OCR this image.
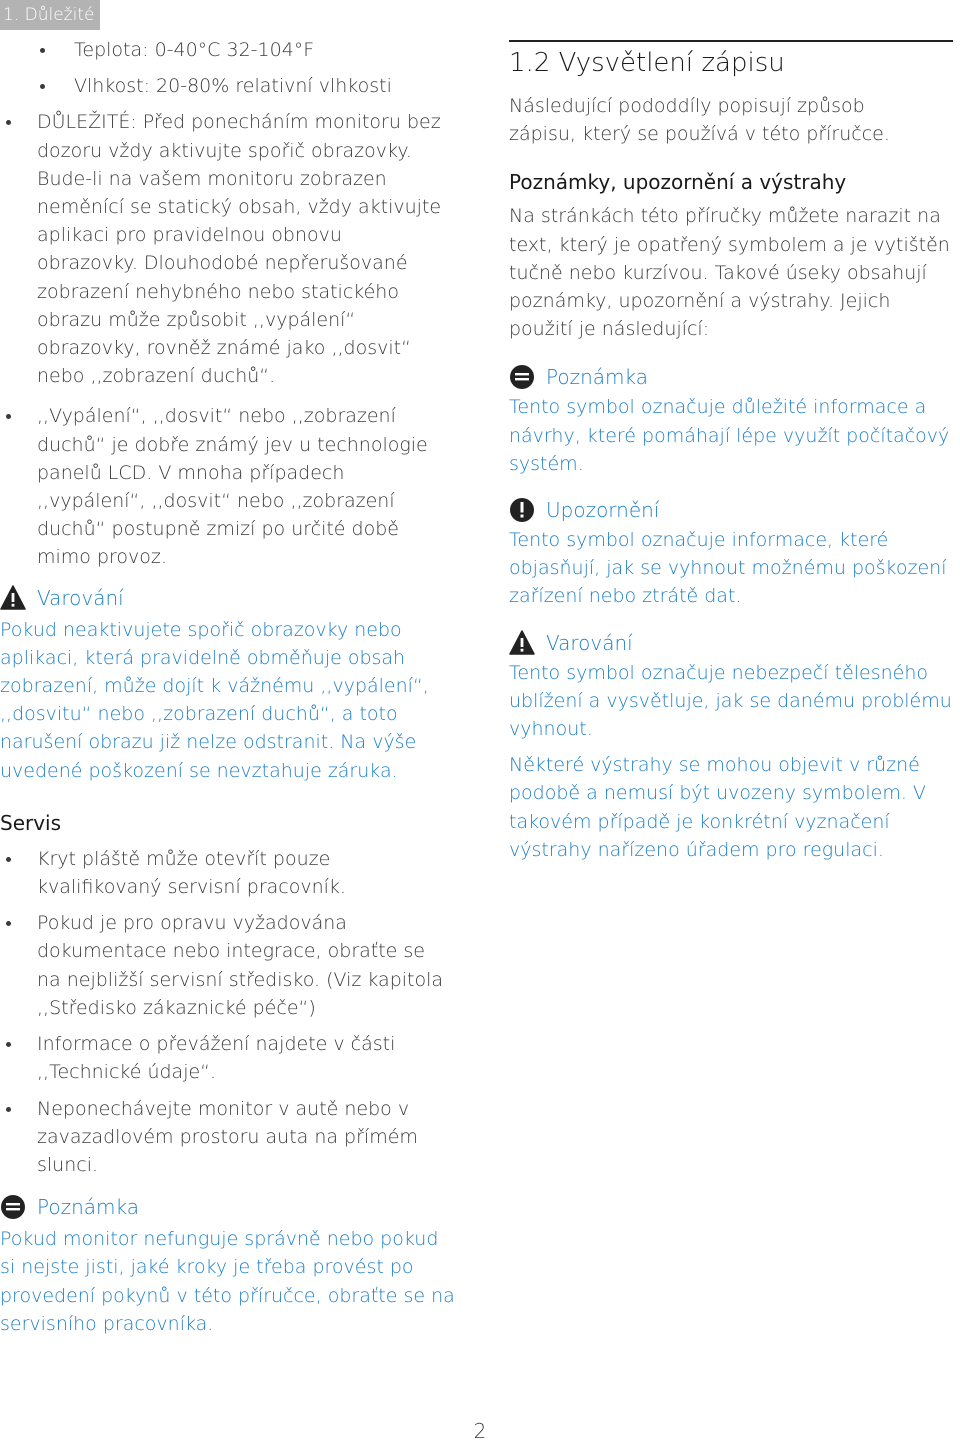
1. Důležité
Teplota: 0-40°C 32-104°F
Vlhkost: 20-80% relativní vlhkosti
DŮLEŽITÉ: Před ponecháním monitoru bez dozoru vždy aktivujte spořič obrazovky. Bude-li na vašem monitoru zobrazen neměnící se statický obsah, vždy aktivujte aplikaci pro pravidelnou obnovu obrazovky. Dlouhodobé nepřerušované zobrazení nehybného nebo statického obrazu může způsobit ,,vypálení“ obrazovky, rovněž známé jako ,,dosvit“ nebo ,,zobrazení duchů“.
,,Vypálení“, ,,dosvit“ nebo ,,zobrazení duchů“ je dobře známý jev u technologie panelů LCD. V mnoha případech ,,vypálení“, ,,dosvit“ nebo ,,zobrazení duchů“ postupně zmizí po určité době mimo provoz.
Varování

Pokud neaktivujete spořič obrazovky nebo aplikaci, která pravidelně obměňuje obsah zobrazení, může dojít k vážnému ,,vypálení“, ,,dosvitu“ nebo ,,zobrazení duchů“, a toto narušení obrazu již nelze odstranit. Na výše uvedené poškození se nevztahuje záruka.

Servis

Kryt pláště může otevřít pouze kvalifikovaný servisní pracovník.
Pokud je pro opravu vyžadována dokumentace nebo integrace, obraťte se na nejbližší servisní středisko. (Viz kapitola ,,Středisko zákaznické péče“)
Informace o převážení najdete v části ,,Technické údaje“.
Neponechávejte monitor v autě nebo v zavazadlovém prostoru auta na přímém slunci.
Poznámka

Pokud monitor nefunguje správně nebo pokud si nejste jisti, jaké kroky je třeba provést po provedení pokynů v této příručce, obraťte se na servisního pracovníka.

1.2 Vysvětlení zápisu

Následující pododdíly popisují způsob zápisu, který se používá v této příručce.

Poznámky, upozornění a výstrahy

Na stránkách této příručky můžete narazit na text, který je opatřený symbolem a je vytištěn tučně nebo kurzívou. Takové úseky obsahují poznámky, upozornění a výstrahy. Jejich použití je následující:

Poznámka

Tento symbol označuje důležité informace a návrhy, které pomáhají lépe využít počítačový systém.

Upozornění

Tento symbol označuje informace, které objasňují, jak se vyhnout možnému poškození zařízení nebo ztrátě dat.

Varování

Tento symbol označuje nebezpečí tělesného ublížení a vysvětluje, jak se danému problému vyhnout.

Některé výstrahy se mohou objevit v různé podobě a nemusí být uvozeny symbolem. V takovém případě je konkrétní vyznačení výstrahy nařízeno úřadem pro regulaci.

2
